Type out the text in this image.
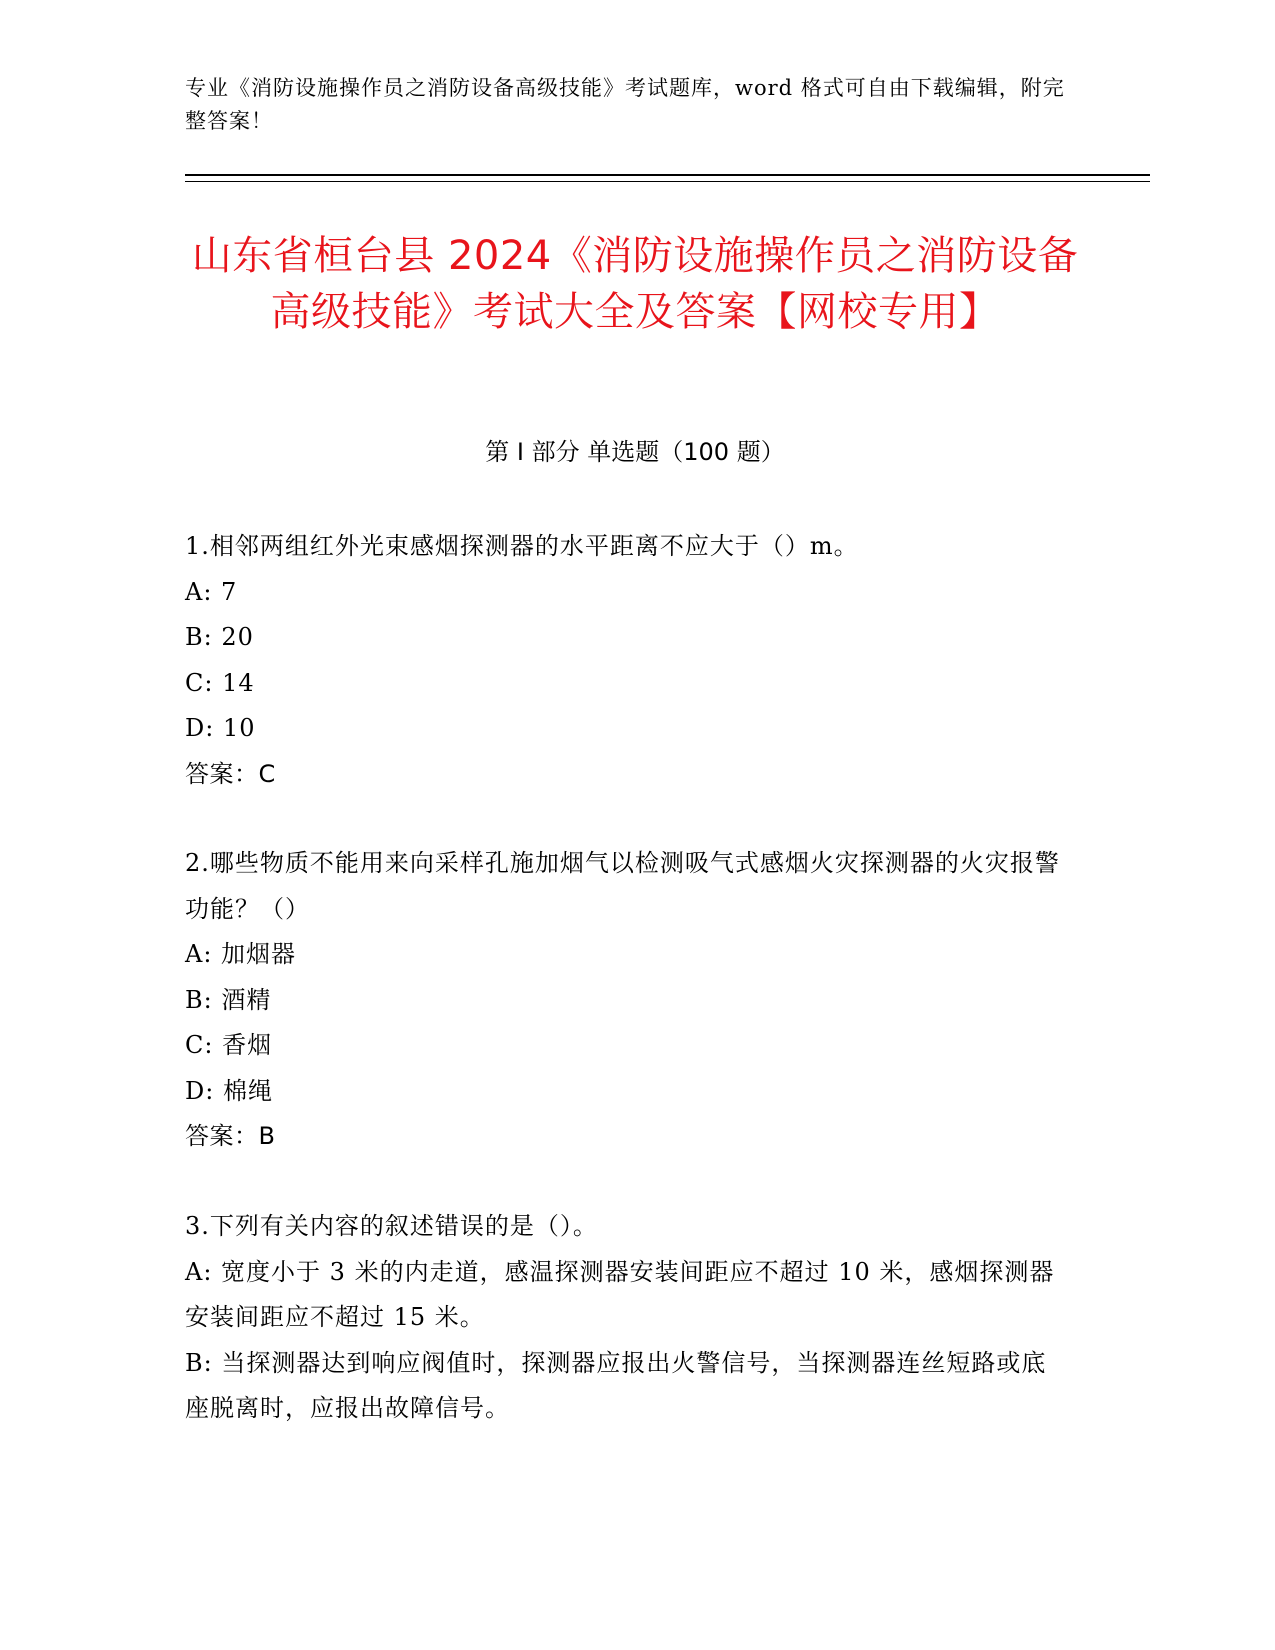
专业《消防设施操作员之消防设备高级技能》考试题库，word 格式可自由下载编辑，附完整答案！
山东省桓台县 2024《消防设施操作员之消防设备高级技能》考试大全及答案【网校专用】
第 I 部分 单选题（100 题）
1.相邻两组红外光束感烟探测器的水平距离不应大于（）m。
A: 7
B: 20
C: 14
D: 10
答案：C
2.哪些物质不能用来向采样孔施加烟气以检测吸气式感烟火灾探测器的火灾报警功能？（）
A: 加烟器
B: 酒精
C: 香烟
D: 棉绳
答案：B
3.下列有关内容的叙述错误的是（）。
A: 宽度小于 3 米的内走道，感温探测器安装间距应不超过 10 米，感烟探测器安装间距应不超过 15 米。
B: 当探测器达到响应阀值时，探测器应报出火警信号，当探测器连丝短路或底座脱离时，应报出故障信号。
